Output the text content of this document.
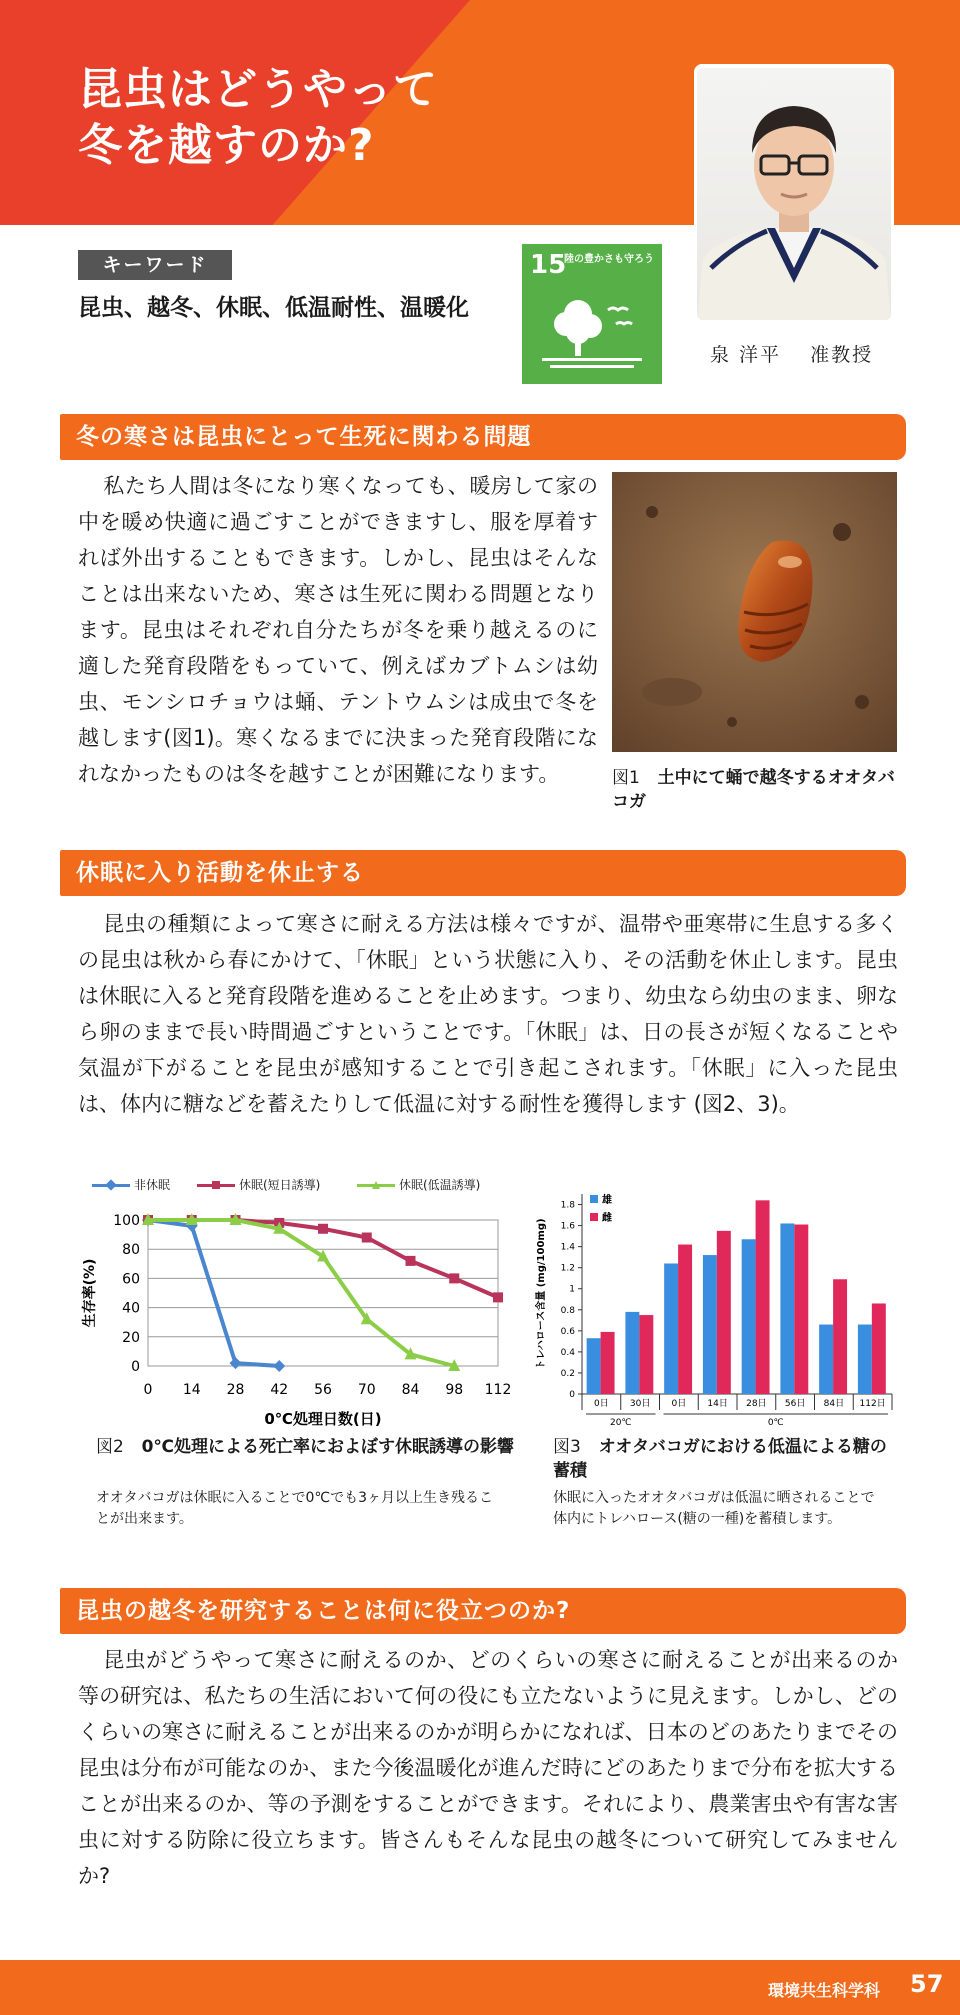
昆虫はどうやって
冬を越すのか?
泉 洋平　 准教授
キーワード
昆虫、越冬、休眠、低温耐性、温暖化
15
陸の豊かさも守ろう
冬の寒さは昆虫にとって生死に関わる問題

私たち人間は冬になり寒くなっても、暖房して家の中を暖め快適に過ごすことができますし、服を厚着すれば外出することもできます。しかし、昆虫はそんなことは出来ないため、寒さは生死に関わる問題となります。昆虫はそれぞれ自分たちが冬を乗り越えるのに適した発育段階をもっていて、例えばカブトムシは幼虫、モンシロチョウは蛹、テントウムシは成虫で冬を越します(図1)。寒くなるまでに決まった発育段階になれなかったものは冬を越すことが困難になります。	図1 土中にて蛹で越冬するオオタバコガ
休眠に入り活動を休止する

昆虫の種類によって寒さに耐える方法は様々ですが、温帯や亜寒帯に生息する多くの昆虫は秋から春にかけて、「休眠」という状態に入り、その活動を休止します。昆虫は休眠に入ると発育段階を進めることを止めます。つまり、幼虫なら幼虫のまま、卵なら卵のままで長い時間過ごすということです。「休眠」は、日の長さが短くなることや気温が下がることを昆虫が感知することで引き起こされます。「休眠」に入った昆虫は、体内に糖などを蓄えたりして低温に対する耐性を獲得します (図2、3)。

非休眠	休眠(短日誘導)	休眠(低温誘導)
0
20
40
60
80
100
0 14 28 42 56 70 84 98 112
0℃処理日数(日)
生存率(%)
図2 0℃処理による死亡率におよぼす休眠誘導の影響
オオタバコガは休眠に入ることで0℃でも3ヶ月以上生き残ることが出来ます。
0
0.2
0.4
0.6
0.8
1
1.2
1.4
1.6
1.8
トレハロース含量 (mg/100mg)
0日 30日 0日 14日 28日 56日 84日 112日
20℃	0℃
雄
雌
図3 オオタバコガにおける低温による糖の蓄積
休眠に入ったオオタバコガは低温に晒されることで体内にトレハロース(糖の一種)を蓄積します。
昆虫の越冬を研究することは何に役立つのか?

昆虫がどうやって寒さに耐えるのか、どのくらいの寒さに耐えることが出来るのか等の研究は、私たちの生活において何の役にも立たないように見えます。しかし、どのくらいの寒さに耐えることが出来るのかが明らかになれば、日本のどのあたりまでその昆虫は分布が可能なのか、また今後温暖化が進んだ時にどのあたりまで分布を拡大することが出来るのか、等の予測をすることができます。それにより、農業害虫や有害な害虫に対する防除に役立ちます。皆さんもそんな昆虫の越冬について研究してみませんか?

環境共生科学科 57
